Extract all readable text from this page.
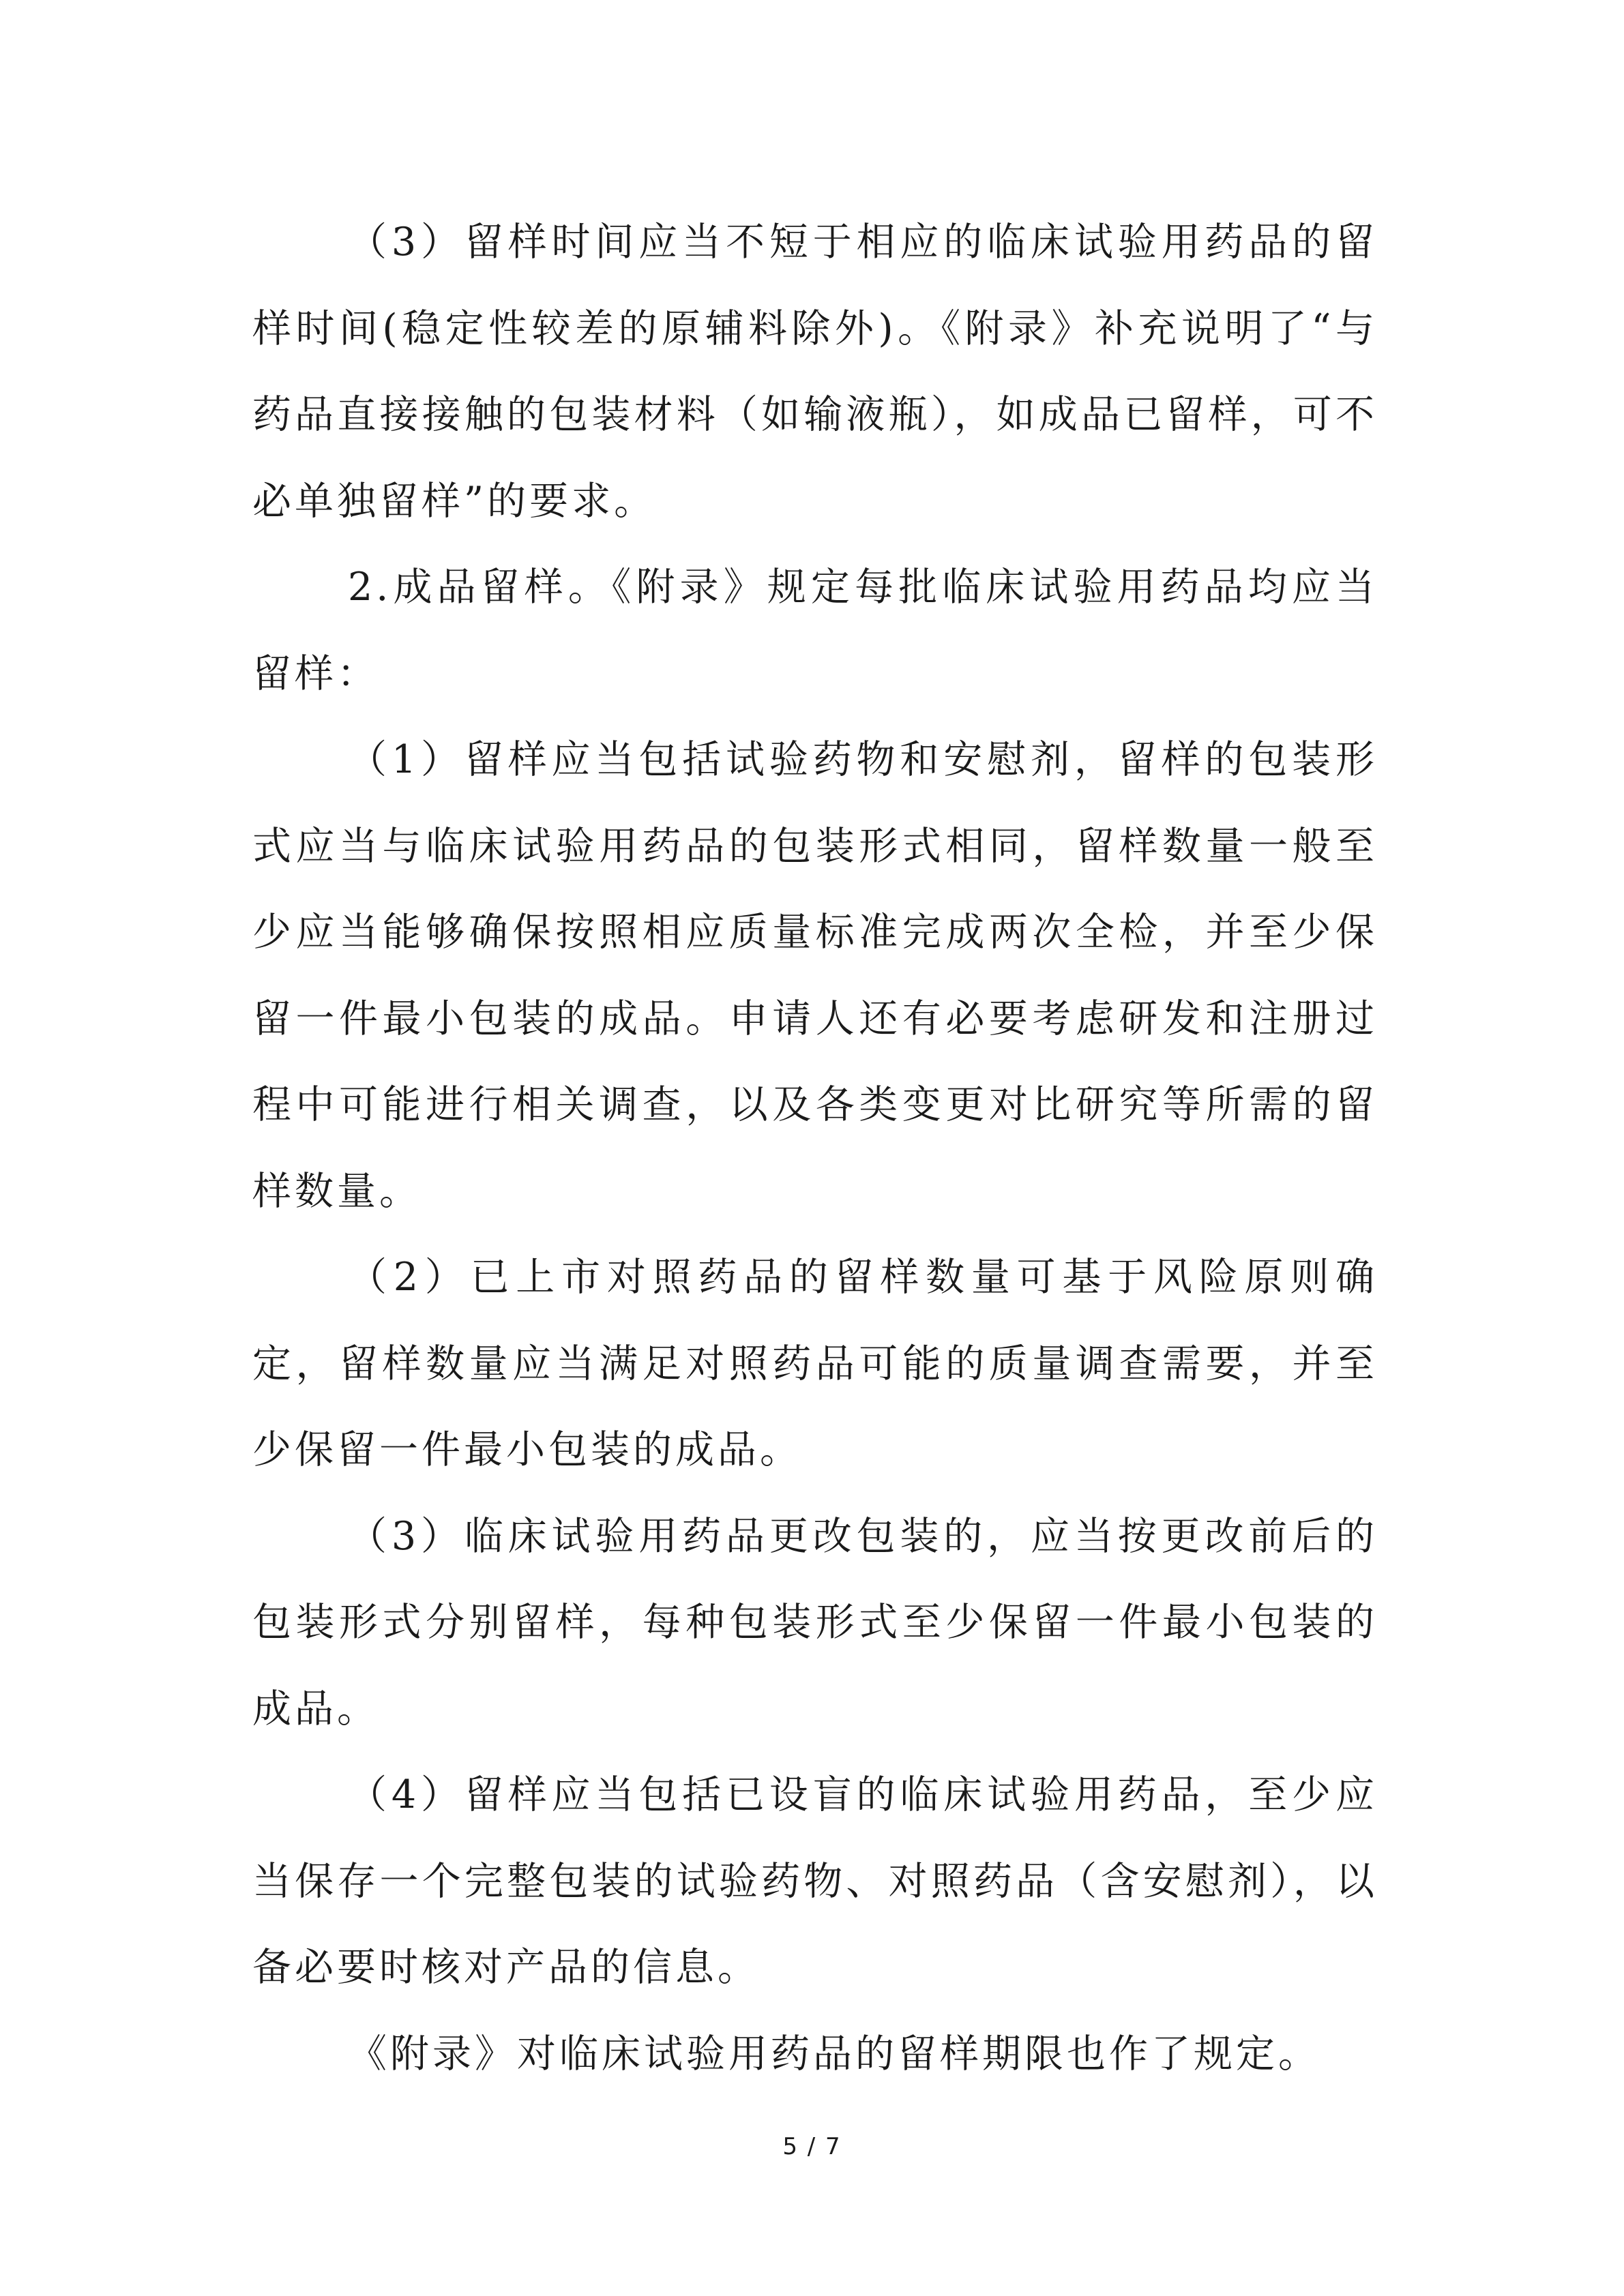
（3）留样时间应当不短于相应的临床试验用药品的留样时间(稳定性较差的原辅料除外)。《附录》补充说明了“与药品直接接触的包装材料（如输液瓶），如成品已留样，可不必单独留样”的要求。

2.成品留样。《附录》规定每批临床试验用药品均应当留样：

（1）留样应当包括试验药物和安慰剂，留样的包装形式应当与临床试验用药品的包装形式相同，留样数量一般至少应当能够确保按照相应质量标准完成两次全检，并至少保留一件最小包装的成品。申请人还有必要考虑研发和注册过程中可能进行相关调查，以及各类变更对比研究等所需的留样数量。

（2）已上市对照药品的留样数量可基于风险原则确定，留样数量应当满足对照药品可能的质量调查需要，并至少保留一件最小包装的成品。

（3）临床试验用药品更改包装的，应当按更改前后的包装形式分别留样，每种包装形式至少保留一件最小包装的成品。

（4）留样应当包括已设盲的临床试验用药品，至少应当保存一个完整包装的试验药物、对照药品（含安慰剂），以备必要时核对产品的信息。

《附录》对临床试验用药品的留样期限也作了规定。

5 / 7
